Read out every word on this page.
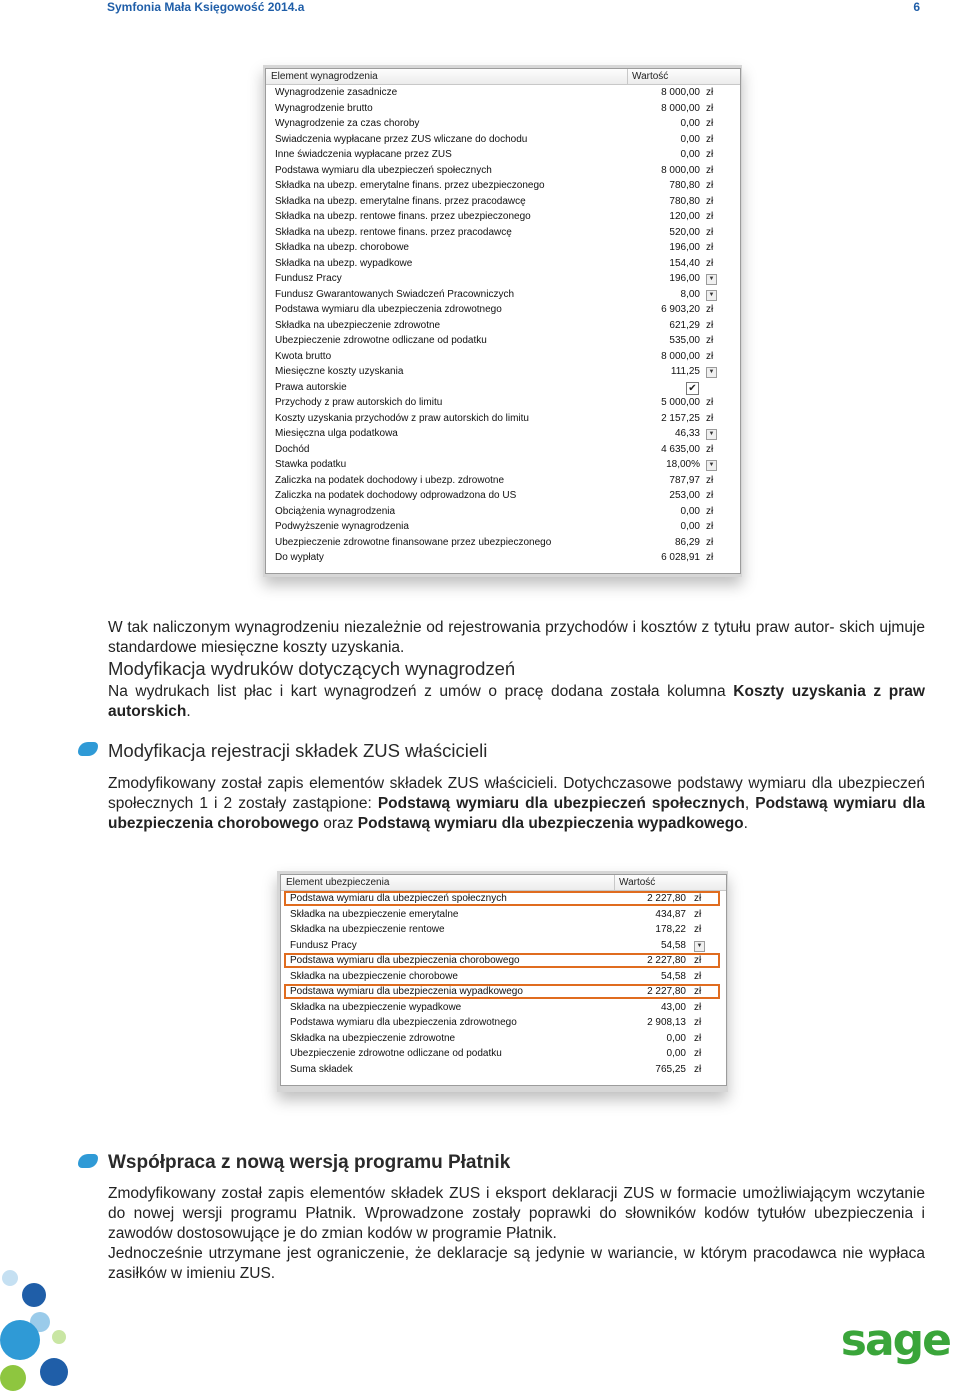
Symfonia Mała Księgowość 2014.a	6
Element wynagrodzenia	Wartość
Wynagrodzenie zasadnicze	8 000,00 zł
Wynagrodzenie brutto	8 000,00 zł
Wynagrodzenie za czas choroby	0,00 zł
Świadczenia wypłacane przez ZUS wliczane do dochodu	0,00 zł
Inne świadczenia wypłacane przez ZUS	0,00 zł
Podstawa wymiaru dla ubezpieczeń społecznych	8 000,00 zł
Składka na ubezp. emerytalne finans. przez ubezpieczonego	780,80 zł
Składka na ubezp. emerytalne finans. przez pracodawcę	780,80 zł
Składka na ubezp. rentowe finans. przez ubezpieczonego	120,00 zł
Składka na ubezp. rentowe finans. przez pracodawcę	520,00 zł
Składka na ubezp. chorobowe	196,00 zł
Składka na ubezp. wypadkowe	154,40 zł
Fundusz Pracy	196,00	▼
Fundusz Gwarantowanych Świadczeń Pracowniczych	8,00	▼
Podstawa wymiaru dla ubezpieczenia zdrowotnego	6 903,20 zł
Składka na ubezpieczenie zdrowotne	621,29 zł
Ubezpieczenie zdrowotne odliczane od podatku	535,00 zł
Kwota brutto	8 000,00 zł
Miesięczne koszty uzyskania	111,25	▼
Prawa autorskie	✔
Przychody z praw autorskich do limitu	5 000,00 zł
Koszty uzyskania przychodów z praw autorskich do limitu	2 157,25 zł
Miesięczna ulga podatkowa	46,33	▼
Dochód	4 635,00 zł
Stawka podatku	18,00%	▼
Zaliczka na podatek dochodowy i ubezp. zdrowotne	787,97 zł
Zaliczka na podatek dochodowy odprowadzona do US	253,00 zł
Obciążenia wynagrodzenia	0,00 zł
Podwyższenie wynagrodzenia	0,00 zł
Ubezpieczenie zdrowotne finansowane przez ubezpieczonego	86,29 zł
Do wypłaty	6 028,91 zł
W tak naliczonym wynagrodzeniu niezależnie od rejestrowania przychodów i kosztów z tytułu praw autor- skich ujmuje standardowe miesięczne koszty uzyskania.
Modyfikacja wydruków dotyczących wynagrodzeń
Na wydrukach list płac i kart wynagrodzeń z umów o pracę dodana została kolumna Koszty uzyskania z praw autorskich.
Modyfikacja rejestracji składek ZUS właścicieli
Zmodyfikowany został zapis elementów składek ZUS właścicieli. Dotychczasowe podstawy wymiaru dla ubezpieczeń społecznych 1 i 2 zostały zastąpione: Podstawą wymiaru dla ubezpieczeń społecznych, Podstawą wymiaru dla ubezpieczenia chorobowego oraz Podstawą wymiaru dla ubezpieczenia wypadkowego.
Element ubezpieczenia	Wartość
Podstawa wymiaru dla ubezpieczeń społecznych	2 227,80 zł
Składka na ubezpieczenie emerytalne	434,87 zł
Składka na ubezpieczenie rentowe	178,22 zł
Fundusz Pracy	54,58	▼
Podstawa wymiaru dla ubezpieczenia chorobowego	2 227,80 zł
Składka na ubezpieczenie chorobowe	54,58 zł
Podstawa wymiaru dla ubezpieczenia wypadkowego	2 227,80 zł
Składka na ubezpieczenie wypadkowe	43,00 zł
Podstawa wymiaru dla ubezpieczenia zdrowotnego	2 908,13 zł
Składka na ubezpieczenie zdrowotne	0,00 zł
Ubezpieczenie zdrowotne odliczane od podatku	0,00 zł
Suma składek	765,25 zł
Współpraca z nową wersją programu Płatnik
Zmodyfikowany został zapis elementów składek ZUS i eksport deklaracji ZUS w formacie umożliwiającym wczytanie do nowej wersji programu Płatnik. Wprowadzone zostały poprawki do słowników kodów tytułów ubezpieczenia i zawodów dostosowujące je do zmian kodów w programie Płatnik.
Jednocześnie utrzymane jest ograniczenie, że deklaracje są jedynie w wariancie, w którym pracodawca nie wypłaca zasiłków w imieniu ZUS.
sage
